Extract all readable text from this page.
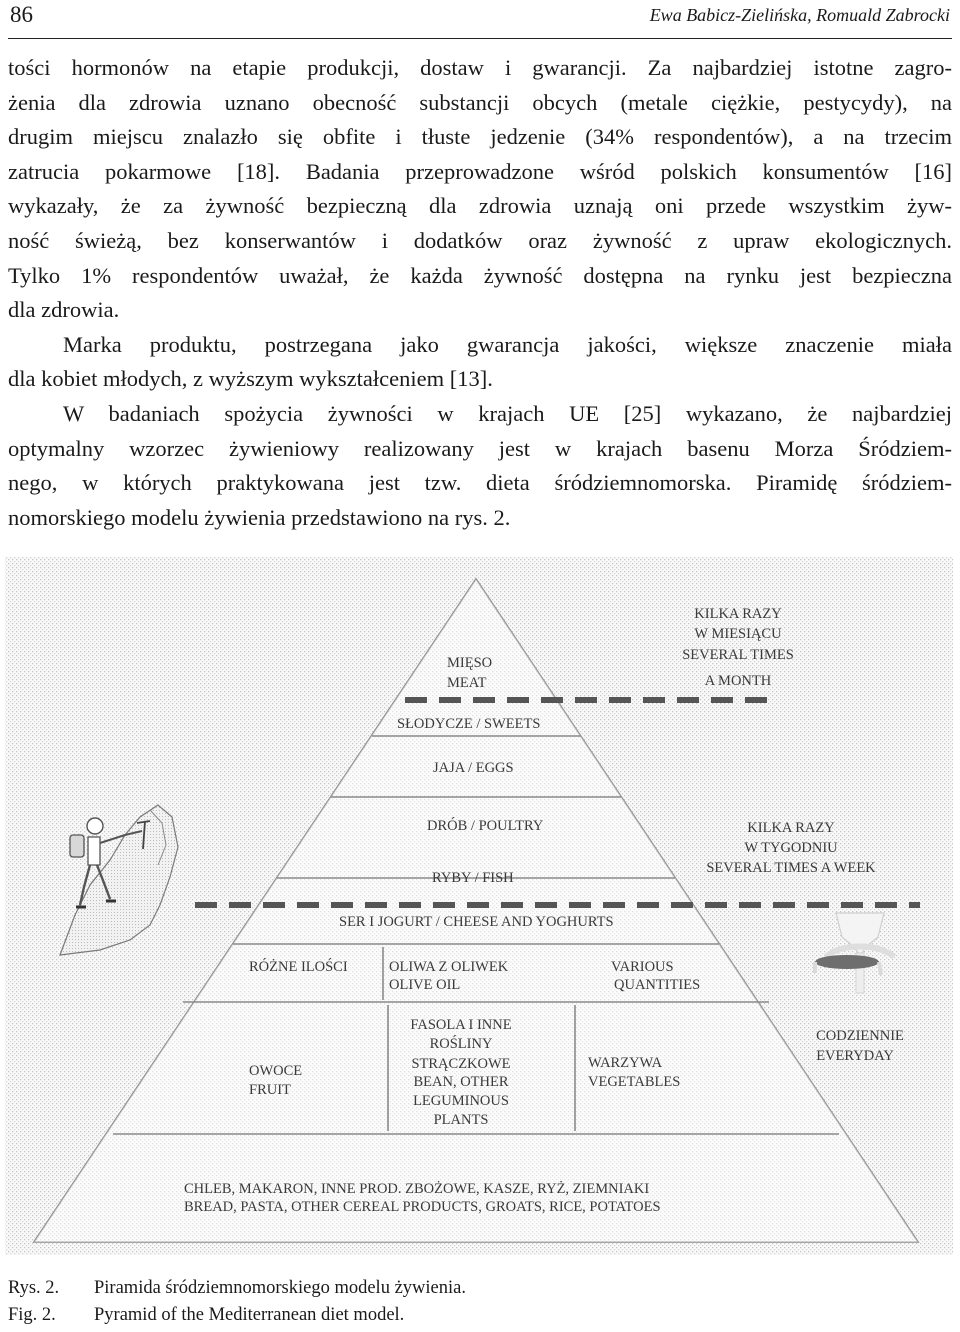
86	Ewa Babicz-Zielińska, Romuald Zabrocki

tości hormonów na etapie produkcji, dostaw i gwarancji. Za najbardziej istotne zagro-
żenia dla zdrowia uznano obecność substancji obcych (metale ciężkie, pestycydy), na
drugim miejscu znalazło się obfite i tłuste jedzenie (34% respondentów), a na trzecim
zatrucia pokarmowe [18]. Badania przeprowadzone wśród polskich konsumentów [16]
wykazały, że za żywność bezpieczną dla zdrowia uznają oni przede wszystkim żyw-
ność świeżą, bez konserwantów i dodatków oraz żywność z upraw ekologicznych.
Tylko 1% respondentów uważał, że każda żywność dostępna na rynku jest bezpieczna
dla zdrowia.

Marka produktu, postrzegana jako gwarancja jakości, większe znaczenie miała
dla kobiet młodych, z wyższym wykształceniem [13].

W badaniach spożycia żywności w krajach UE [25] wykazano, że najbardziej
optymalny wzorzec żywieniowy realizowany jest w krajach basenu Morza Śródziem-
nego, w których praktykowana jest tzw. dieta śródziemnomorska. Piramidę śródziem-
nomorskiego modelu żywienia przedstawiono na rys. 2.

MIĘSO
MEAT
SŁODYCZE / SWEETS
JAJA / EGGS
DRÓB / POULTRY
RYBY / FISH
SER I JOGURT / CHEESE AND YOGHURTS
RÓŻNE ILOŚCI	OLIWA Z OLIWEK
OLIVE OIL
VARIOUS
QUANTITIES
OWOCE
FRUIT
FASOLA I INNE
ROŚLINY
STRĄCZKOWE
BEAN, OTHER
LEGUMINOUS
PLANTS
WARZYWA
VEGETABLES
CHLEB, MAKARON, INNE PROD. ZBOŻOWE, KASZE, RYŻ, ZIEMNIAKI
BREAD, PASTA, OTHER CEREAL PRODUCTS, GROATS, RICE, POTATOES
KILKA RAZY
W MIESIĄCU
SEVERAL TIMES
A MONTH
KILKA RAZY
W TYGODNIU
SEVERAL TIMES A WEEK
CODZIENNIE
EVERYDAY
Rys. 2. Piramida śródziemnomorskiego modelu żywienia.
Fig. 2. Pyramid of the Mediterranean diet model.
